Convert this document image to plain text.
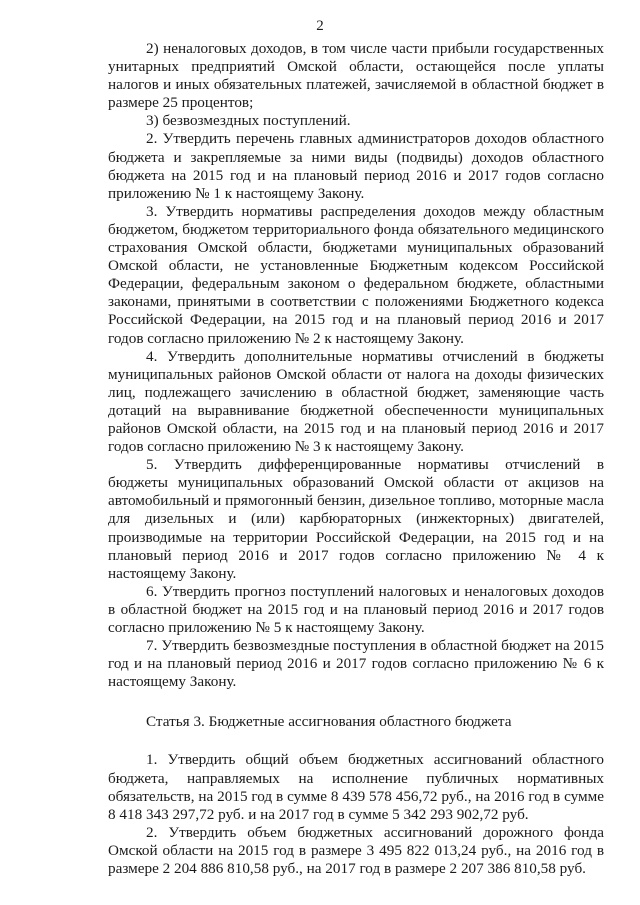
2

2) неналоговых доходов, в том числе части прибыли государственных унитарных предприятий Омской области, остающейся после уплаты налогов и иных обязательных платежей, зачисляемой в областной бюджет в размере 25 процентов;

3) безвозмездных поступлений.

2. Утвердить перечень главных администраторов доходов областного бюджета и закрепляемые за ними виды (подвиды) доходов областного бюджета на 2015 год и на плановый период 2016 и 2017 годов согласно приложению № 1 к настоящему Закону.

3. Утвердить нормативы распределения доходов между областным бюджетом, бюджетом территориального фонда обязательного медицинского страхования Омской области, бюджетами муниципальных образований Омской области, не установленные Бюджетным кодексом Российской Федерации, федеральным законом о федеральном бюджете, областными законами, принятыми в соответствии с положениями Бюджетного кодекса Российской Федерации, на 2015 год и на плановый период 2016 и 2017 годов согласно приложению № 2 к настоящему Закону.

4. Утвердить дополнительные нормативы отчислений в бюджеты муниципальных районов Омской области от налога на доходы физических лиц, подлежащего зачислению в областной бюджет, заменяющие часть дотаций на выравнивание бюджетной обеспеченности муниципальных районов Омской области, на 2015 год и на плановый период 2016 и 2017 годов согласно приложению № 3 к настоящему Закону.

5. Утвердить дифференцированные нормативы отчислений в бюджеты муниципальных образований Омской области от акцизов на автомобильный и прямогонный бензин, дизельное топливо, моторные масла для дизельных и (или) карбюраторных (инжекторных) двигателей, производимые на территории Российской Федерации, на 2015 год и на плановый период 2016 и 2017 годов согласно приложению № 4 к настоящему Закону.

6. Утвердить прогноз поступлений налоговых и неналоговых доходов в областной бюджет на 2015 год и на плановый период 2016 и 2017 годов согласно приложению № 5 к настоящему Закону.

7. Утвердить безвозмездные поступления в областной бюджет на 2015 год и на плановый период 2016 и 2017 годов согласно приложению № 6 к настоящему Закону.

Статья 3. Бюджетные ассигнования областного бюджета

1. Утвердить общий объем бюджетных ассигнований областного бюджета, направляемых на исполнение публичных нормативных обязательств, на 2015 год в сумме 8 439 578 456,72 руб., на 2016 год в сумме 8 418 343 297,72 руб. и на 2017 год в сумме 5 342 293 902,72 руб.

2. Утвердить объем бюджетных ассигнований дорожного фонда Омской области на 2015 год в размере 3 495 822 013,24 руб., на 2016 год в размере 2 204 886 810,58 руб., на 2017 год в размере 2 207 386 810,58 руб.
